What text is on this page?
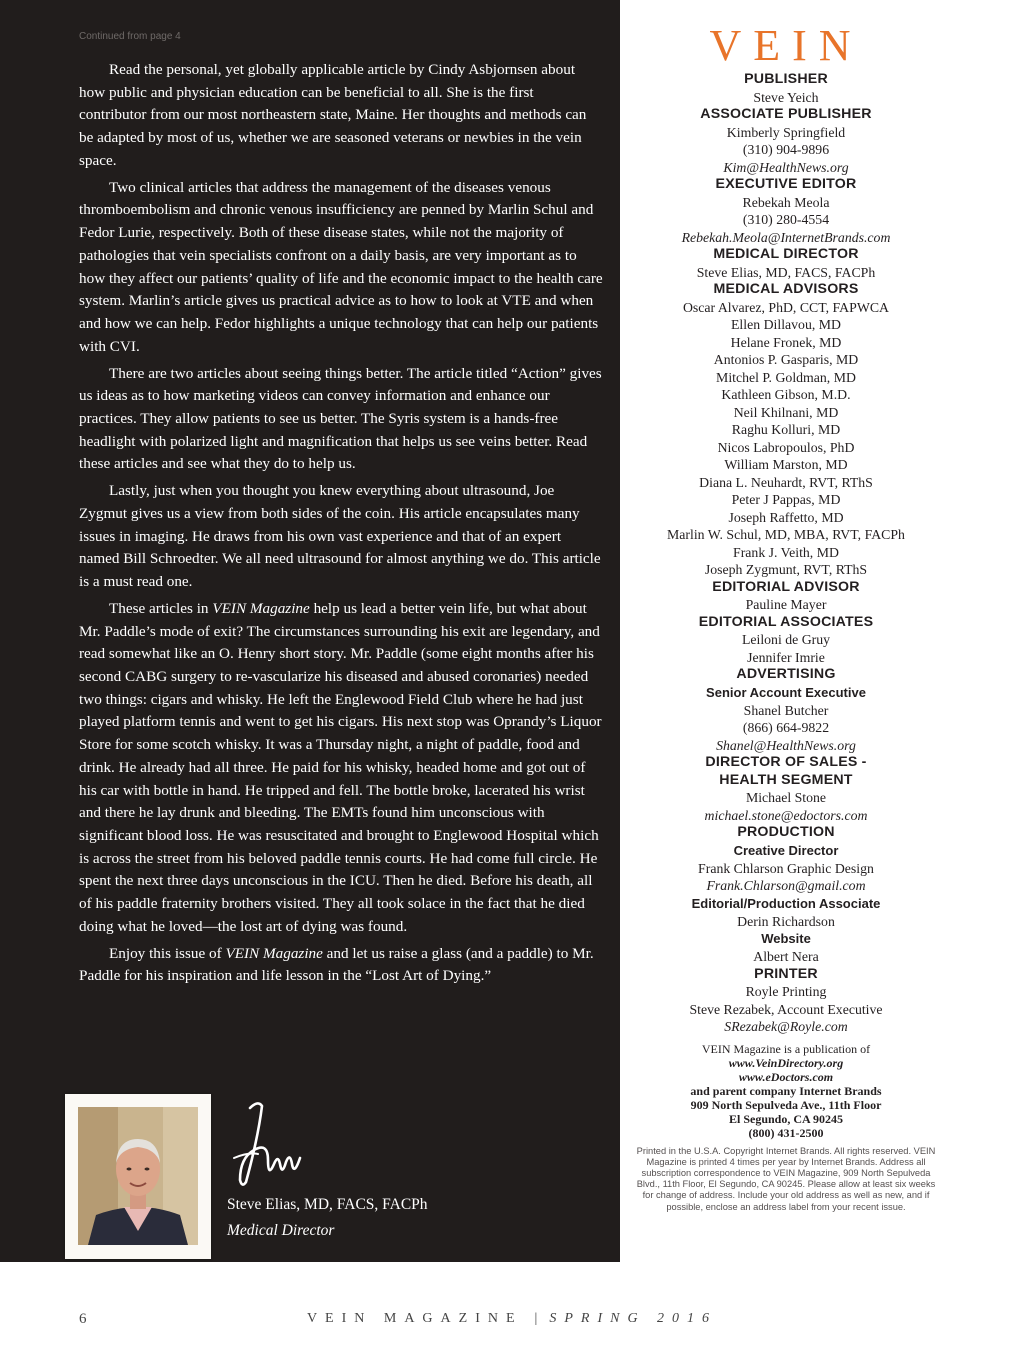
Continued from page 4

Read the personal, yet globally applicable article by Cindy Asbjornsen about how public and physician education can be beneficial to all. She is the first contributor from our most northeastern state, Maine. Her thoughts and methods can be adapted by most of us, whether we are seasoned veterans or newbies in the vein space.

Two clinical articles that address the management of the diseases venous thromboembolism and chronic venous insufficiency are penned by Marlin Schul and Fedor Lurie, respectively. Both of these disease states, while not the majority of pathologies that vein specialists confront on a daily basis, are very important as to how they affect our patients’ quality of life and the economic impact to the health care system. Marlin’s article gives us practical advice as to how to look at VTE and when and how we can help. Fedor highlights a unique technology that can help our patients with CVI.

There are two articles about seeing things better. The article titled “Action” gives us ideas as to how marketing videos can convey information and enhance our practices. They allow patients to see us better. The Syris system is a hands-free headlight with polarized light and magnification that helps us see veins better. Read these articles and see what they do to help us.

Lastly, just when you thought you knew everything about ultrasound, Joe Zygmut gives us a view from both sides of the coin. His article encapsulates many issues in imaging. He draws from his own vast experience and that of an expert named Bill Schroedter. We all need ultrasound for almost anything we do. This article is a must read one.

These articles in VEIN Magazine help us lead a better vein life, but what about Mr. Paddle’s mode of exit? The circumstances surrounding his exit are legendary, and read somewhat like an O. Henry short story. Mr. Paddle (some eight months after his second CABG surgery to re-vascularize his diseased and abused coronaries) needed two things: cigars and whisky. He left the Englewood Field Club where he had just played platform tennis and went to get his cigars. His next stop was Oprandy’s Liquor Store for some scotch whisky. It was a Thursday night, a night of paddle, food and drink. He already had all three. He paid for his whisky, headed home and got out of his car with bottle in hand. He tripped and fell. The bottle broke, lacerated his wrist and there he lay drunk and bleeding. The EMTs found him unconscious with significant blood loss. He was resuscitated and brought to Englewood Hospital which is across the street from his beloved paddle tennis courts. He had come full circle. He spent the next three days unconscious in the ICU. Then he died. Before his death, all of his paddle fraternity brothers visited. They all took solace in the fact that he died doing what he loved—the lost art of dying was found.

Enjoy this issue of VEIN Magazine and let us raise a glass (and a paddle) to Mr. Paddle for his inspiration and life lesson in the “Lost Art of Dying.”

Steve Elias, MD, FACS, FACPh
Medical Director
VEIN
PUBLISHER
Steve Yeich
ASSOCIATE PUBLISHER
Kimberly Springfield
(310) 904-9896
Kim@HealthNews.org
EXECUTIVE EDITOR
Rebekah Meola
(310) 280-4554
Rebekah.Meola@InternetBrands.com
MEDICAL DIRECTOR
Steve Elias, MD, FACS, FACPh
MEDICAL ADVISORS
Oscar Alvarez, PhD, CCT, FAPWCA
Ellen Dillavou, MD
Helane Fronek, MD
Antonios P. Gasparis, MD
Mitchel P. Goldman, MD
Kathleen Gibson, M.D.
Neil Khilnani, MD
Raghu Kolluri, MD
Nicos Labropoulos, PhD
William Marston, MD
Diana L. Neuhardt, RVT, RThS
Peter J Pappas, MD
Joseph Raffetto, MD
Marlin W. Schul, MD, MBA, RVT, FACPh
Frank J. Veith, MD
Joseph Zygmunt, RVT, RThS
EDITORIAL ADVISOR
Pauline Mayer
EDITORIAL ASSOCIATES
Leiloni de Gruy
Jennifer Imrie
ADVERTISING
Senior Account Executive
Shanel Butcher
(866) 664-9822
Shanel@HealthNews.org
DIRECTOR OF SALES -
HEALTH SEGMENT
Michael Stone
michael.stone@edoctors.com
PRODUCTION
Creative Director
Frank Chlarson Graphic Design
Frank.Chlarson@gmail.com
Editorial/Production Associate
Derin Richardson
Website
Albert Nera
PRINTER
Royle Printing
Steve Rezabek, Account Executive
SRezabek@Royle.com
VEIN Magazine is a publication of
www.VeinDirectory.org
www.eDoctors.com
and parent company Internet Brands
909 North Sepulveda Ave., 11th Floor
El Segundo, CA 90245
(800) 431-2500
Printed in the U.S.A. Copyright Internet Brands. All rights reserved. VEIN Magazine is printed 4 times per year by Internet Brands. Address all subscription correspondence to VEIN Magazine, 909 North Sepulveda Blvd., 11th Floor, El Segundo, CA 90245. Please allow at least six weeks for change of address. Include your old address as well as new, and if possible, enclose an address label from your recent issue.
6	VEIN MAGAZINE | SPRING 2016
